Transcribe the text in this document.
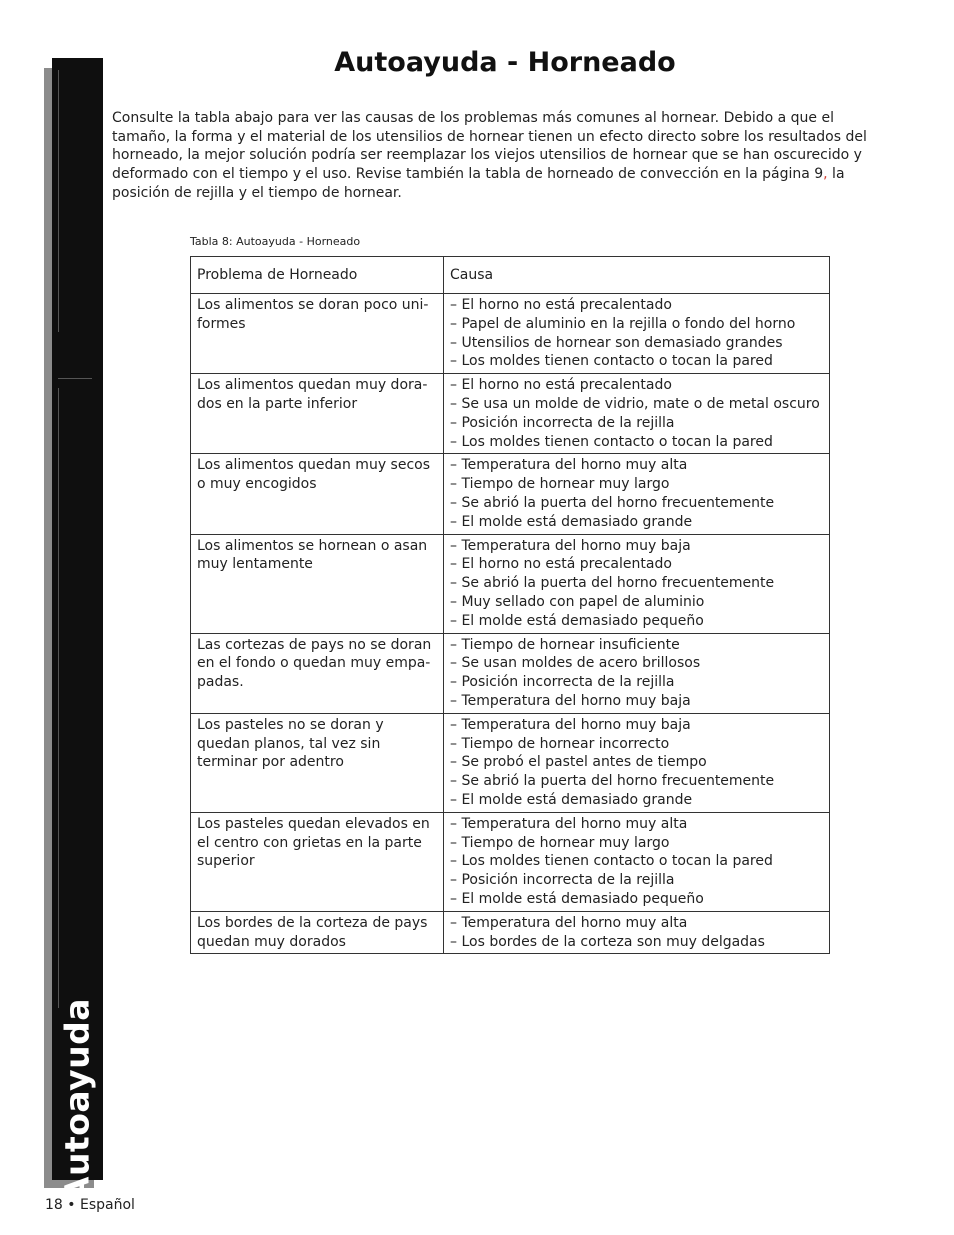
Autoayuda
Autoayuda - Horneado

Consulte la tabla abajo para ver las causas de los problemas más comunes al hornear. Debido a que el tamaño, la forma y el material de los utensilios de hornear tienen un efecto directo sobre los resultados del horneado, la mejor solución podría ser reemplazar los viejos utensilios de hornear que se han oscurecido y deformado con el tiempo y el uso. Revise también la tabla de horneado de convección en la página 9, la posición de rejilla y el tiempo de hornear.

Tabla 8: Autoayuda - Horneado
Problema de Horneado	Causa
Los alimentos se doran poco uni-formes	– El horno no está precalentado
– Papel de aluminio en la rejilla o fondo del horno
– Utensilios de hornear son demasiado grandes
– Los moldes tienen contacto o tocan la pared

Los alimentos quedan muy dora-dos en la parte inferior	– El horno no está precalentado
– Se usa un molde de vidrio, mate o de metal oscuro
– Posición incorrecta de la rejilla
– Los moldes tienen contacto o tocan la pared

Los alimentos quedan muy secos o muy encogidos	– Temperatura del horno muy alta
– Tiempo de hornear muy largo
– Se abrió la puerta del horno frecuentemente
– El molde está demasiado grande

Los alimentos se hornean o asan muy lentamente	– Temperatura del horno muy baja
– El horno no está precalentado
– Se abrió la puerta del horno frecuentemente
– Muy sellado con papel de aluminio
– El molde está demasiado pequeño

Las cortezas de pays no se doran en el fondo o quedan muy empa-padas.	– Tiempo de hornear insuficiente
– Se usan moldes de acero brillosos
– Posición incorrecta de la rejilla
– Temperatura del horno muy baja

Los pasteles no se doran y quedan planos, tal vez sin terminar por adentro	– Temperatura del horno muy baja
– Tiempo de hornear incorrecto
– Se probó el pastel antes de tiempo
– Se abrió la puerta del horno frecuentemente
– El molde está demasiado grande

Los pasteles quedan elevados en el centro con grietas en la parte superior	– Temperatura del horno muy alta
– Tiempo de hornear muy largo
– Los moldes tienen contacto o tocan la pared
– Posición incorrecta de la rejilla
– El molde está demasiado pequeño

Los bordes de la corteza de pays quedan muy dorados	– Temperatura del horno muy alta
– Los bordes de la corteza son muy delgadas
18 • Español
